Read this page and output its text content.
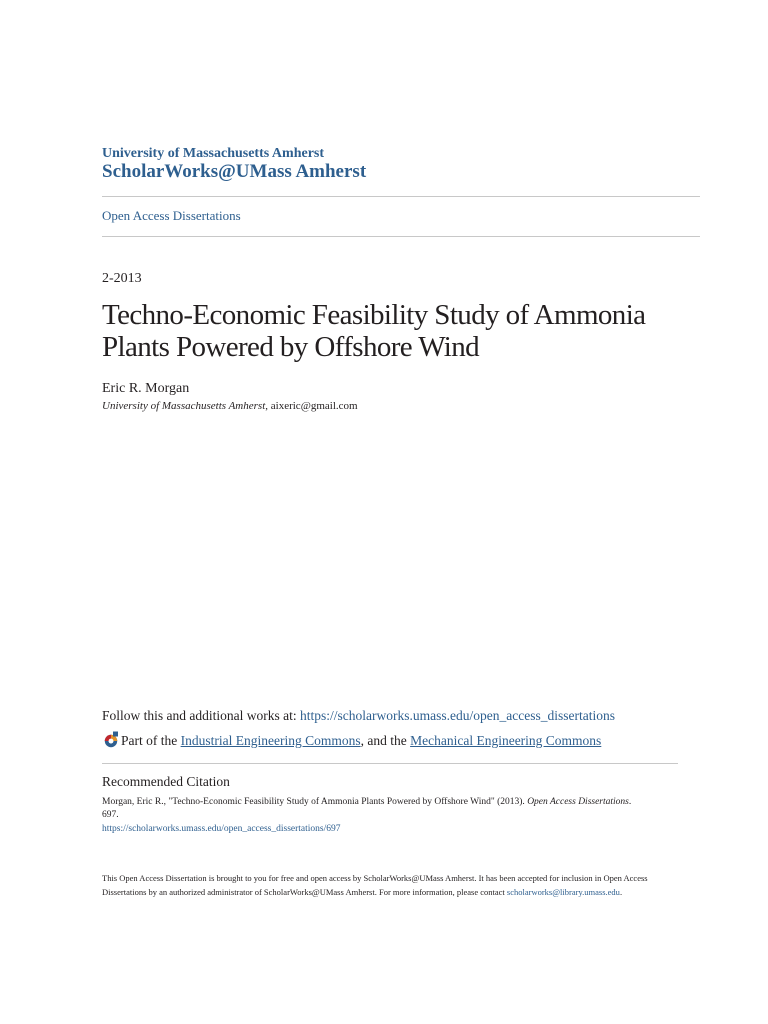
University of Massachusetts Amherst
ScholarWorks@UMass Amherst
Open Access Dissertations
2-2013
Techno-Economic Feasibility Study of Ammonia Plants Powered by Offshore Wind
Eric R. Morgan
University of Massachusetts Amherst, aixeric@gmail.com
Follow this and additional works at: https://scholarworks.umass.edu/open_access_dissertations
Part of the Industrial Engineering Commons, and the Mechanical Engineering Commons
Recommended Citation
Morgan, Eric R., "Techno-Economic Feasibility Study of Ammonia Plants Powered by Offshore Wind" (2013). Open Access Dissertations. 697.
https://scholarworks.umass.edu/open_access_dissertations/697
This Open Access Dissertation is brought to you for free and open access by ScholarWorks@UMass Amherst. It has been accepted for inclusion in Open Access Dissertations by an authorized administrator of ScholarWorks@UMass Amherst. For more information, please contact scholarworks@library.umass.edu.
